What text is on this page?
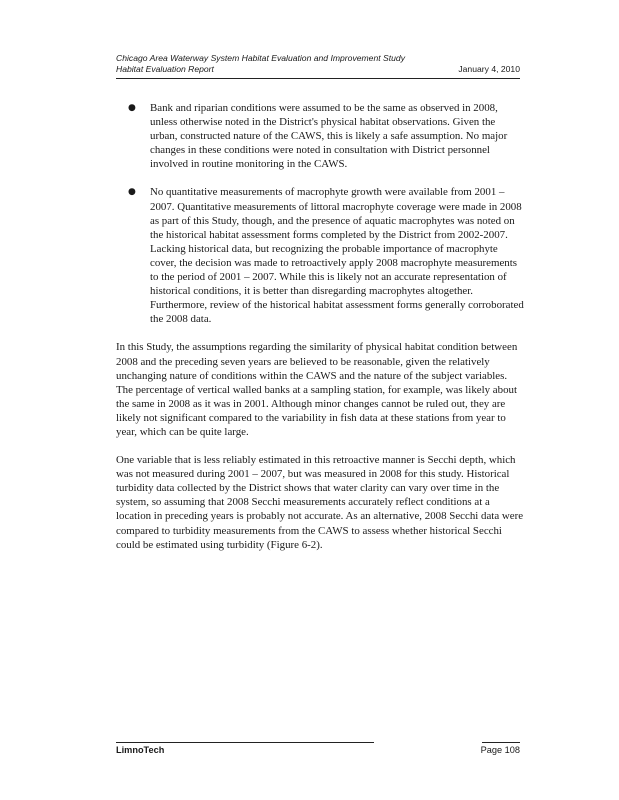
Chicago Area Waterway System Habitat Evaluation and Improvement Study
Habitat Evaluation Report	January 4, 2010
● Bank and riparian conditions were assumed to be the same as observed in 2008, unless otherwise noted in the District's physical habitat observations. Given the urban, constructed nature of the CAWS, this is likely a safe assumption. No major changes in these conditions were noted in consultation with District personnel involved in routine monitoring in the CAWS.
● No quantitative measurements of macrophyte growth were available from 2001 – 2007. Quantitative measurements of littoral macrophyte coverage were made in 2008 as part of this Study, though, and the presence of aquatic macrophytes was noted on the historical habitat assessment forms completed by the District from 2002-2007. Lacking historical data, but recognizing the probable importance of macrophyte cover, the decision was made to retroactively apply 2008 macrophyte measurements to the period of 2001 – 2007. While this is likely not an accurate representation of historical conditions, it is better than disregarding macrophytes altogether. Furthermore, review of the historical habitat assessment forms generally corroborated the 2008 data.

In this Study, the assumptions regarding the similarity of physical habitat condition between 2008 and the preceding seven years are believed to be reasonable, given the relatively unchanging nature of conditions within the CAWS and the nature of the subject variables. The percentage of vertical walled banks at a sampling station, for example, was likely about the same in 2008 as it was in 2001. Although minor changes cannot be ruled out, they are likely not significant compared to the variability in fish data at these stations from year to year, which can be quite large.

One variable that is less reliably estimated in this retroactive manner is Secchi depth, which was not measured during 2001 – 2007, but was measured in 2008 for this study. Historical turbidity data collected by the District shows that water clarity can vary over time in the system, so assuming that 2008 Secchi measurements accurately reflect conditions at a location in preceding years is probably not accurate. As an alternative, 2008 Secchi data were compared to turbidity measurements from the CAWS to assess whether historical Secchi could be estimated using turbidity (Figure 6-2).

LimnoTech	Page 108
